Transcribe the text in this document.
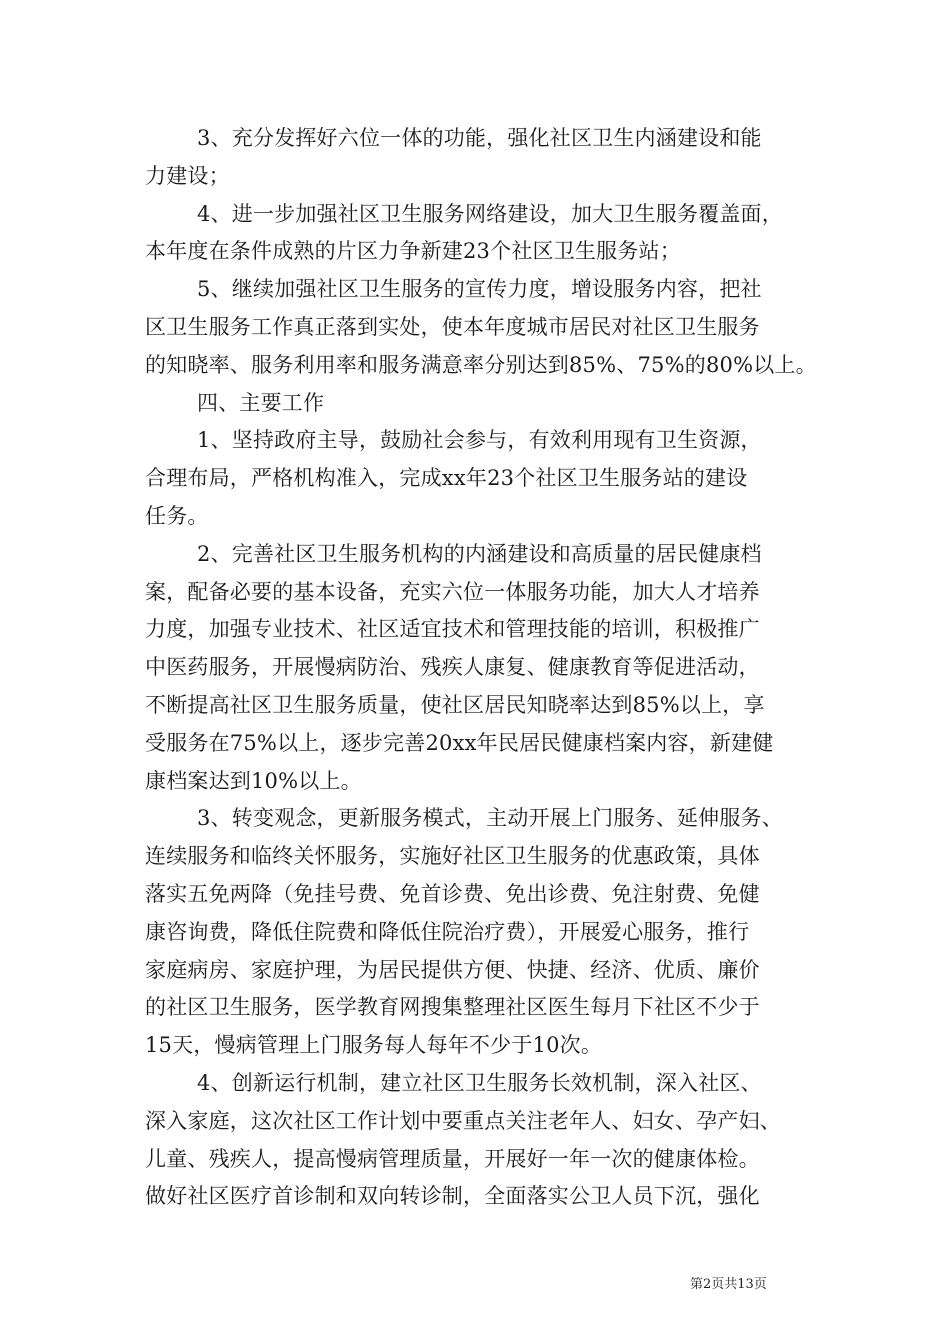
3、充分发挥好六位一体的功能，强化社区卫生内涵建设和能
力建设；
4、进一步加强社区卫生服务网络建设，加大卫生服务覆盖面，
本年度在条件成熟的片区力争新建23个社区卫生服务站；
5、继续加强社区卫生服务的宣传力度，增设服务内容，把社
区卫生服务工作真正落到实处，使本年度城市居民对社区卫生服务
的知晓率、服务利用率和服务满意率分别达到85%、75%的80%以上。
四、主要工作
1、坚持政府主导，鼓励社会参与，有效利用现有卫生资源，
合理布局，严格机构准入，完成xx年23个社区卫生服务站的建设
任务。
2、完善社区卫生服务机构的内涵建设和高质量的居民健康档
案，配备必要的基本设备，充实六位一体服务功能，加大人才培养
力度，加强专业技术、社区适宜技术和管理技能的培训，积极推广
中医药服务，开展慢病防治、残疾人康复、健康教育等促进活动，
不断提高社区卫生服务质量，使社区居民知晓率达到85%以上，享
受服务在75%以上，逐步完善20xx年民居民健康档案内容，新建健
康档案达到10%以上。
3、转变观念，更新服务模式，主动开展上门服务、延伸服务、
连续服务和临终关怀服务，实施好社区卫生服务的优惠政策，具体
落实五免两降（免挂号费、免首诊费、免出诊费、免注射费、免健
康咨询费，降低住院费和降低住院治疗费），开展爱心服务，推行
家庭病房、家庭护理，为居民提供方便、快捷、经济、优质、廉价
的社区卫生服务，医学教育网搜集整理社区医生每月下社区不少于
15天，慢病管理上门服务每人每年不少于10次。
4、创新运行机制，建立社区卫生服务长效机制，深入社区、
深入家庭，这次社区工作计划中要重点关注老年人、妇女、孕产妇、
儿童、残疾人，提高慢病管理质量，开展好一年一次的健康体检。
做好社区医疗首诊制和双向转诊制，全面落实公卫人员下沉，强化
第2页共13页
